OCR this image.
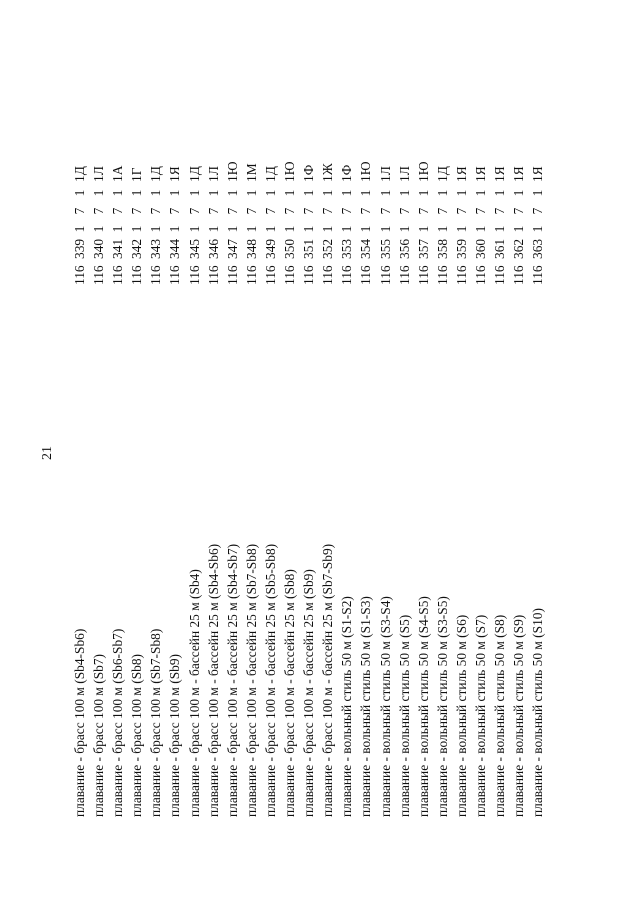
21

плавание - брасс 100 м (Sb4-Sb6)
116
339
1
7
1
1Д
плавание - брасс 100 м (Sb7)
116
340
1
7
1
1Л
плавание - брасс 100 м (Sb6-Sb7)
116
341
1
7
1
1А
плавание - брасс 100 м (Sb8)
116
342
1
7
1
1Г
плавание - брасс 100 м (Sb7-Sb8)
116
343
1
7
1
1Д
плавание - брасс 100 м (Sb9)
116
344
1
7
1
1Я
плавание - брасс 100 м - бассейн 25 м (Sb4)
116
345
1
7
1
1Д
плавание - брасс 100 м - бассейн 25 м (Sb4-Sb6)
116
346
1
7
1
1Л
плавание - брасс 100 м - бассейн 25 м (Sb4-Sb7)
116
347
1
7
1
1Ю
плавание - брасс 100 м - бассейн 25 м (Sb7-Sb8)
116
348
1
7
1
1М
плавание - брасс 100 м - бассейн 25 м (Sb5-Sb8)
116
349
1
7
1
1Д
плавание - брасс 100 м - бассейн 25 м (Sb8)
116
350
1
7
1
1Ю
плавание - брасс 100 м - бассейн 25 м (Sb9)
116
351
1
7
1
1Ф
плавание - брасс 100 м - бассейн 25 м (Sb7-Sb9)
116
352
1
7
1
1Ж
плавание - вольный стиль 50 м (S1-S2)
116
353
1
7
1
1Ф
плавание - вольный стиль 50 м (S1-S3)
116
354
1
7
1
1Ю
плавание - вольный стиль 50 м (S3-S4)
116
355
1
7
1
1Л
плавание - вольный стиль 50 м (S5)
116
356
1
7
1
1Л
плавание - вольный стиль 50 м (S4-S5)
116
357
1
7
1
1Ю
плавание - вольный стиль 50 м (S3-S5)
116
358
1
7
1
1Д
плавание - вольный стиль 50 м (S6)
116
359
1
7
1
1Я
плавание - вольный стиль 50 м (S7)
116
360
1
7
1
1Я
плавание - вольный стиль 50 м (S8)
116
361
1
7
1
1Я
плавание - вольный стиль 50 м (S9)
116
362
1
7
1
1Я
плавание - вольный стиль 50 м (S10)
116
363
1
7
1
1Я
